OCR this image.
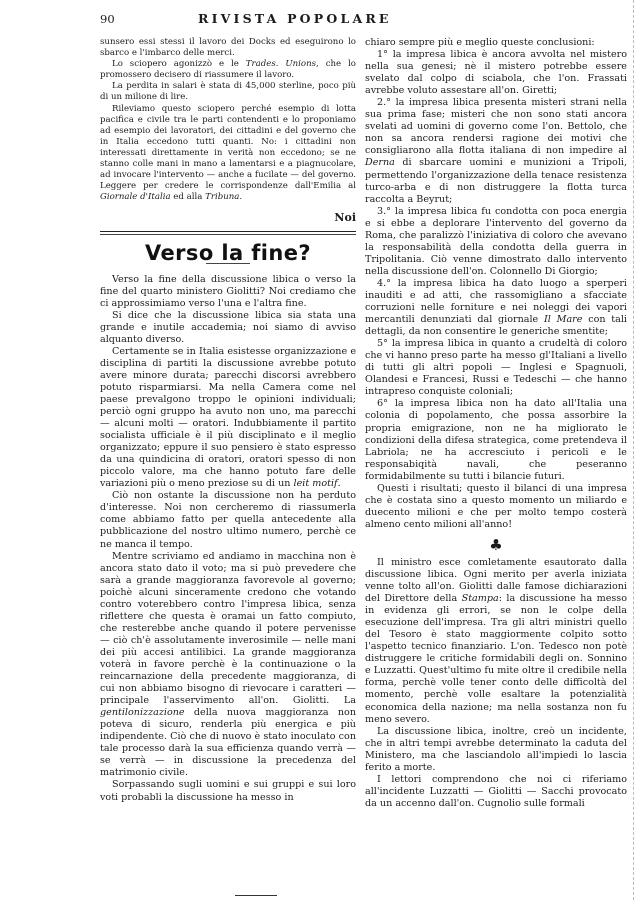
90	RIVISTA POPOLARE

sunsero essi stessi il lavoro dei Docks ed eseguirono lo sbarco e l'imbarco delle merci.

Lo sciopero agonizzò e le Trades. Unions, che lo promossero decisero di riassumere il lavoro.

La perdita in salari è stata di 45,000 sterline, poco più di un milione di lire.

Rileviamo questo sciopero perché esempio di lotta pacifica e civile tra le parti contendenti e lo proponiamo ad esempio dei lavoratori, dei cittadini e del governo che in Italia eccedono tutti quanti. No: i cittadini non interessati direttamente in verità non eccedono; se ne stanno colle mani in mano a lamentarsi e a piagnucolare, ad invocare l'intervento — anche a fucilate — del governo. Leggere per credere le corrispondenze dall'Emilia al Giornale d'Italia ed alla Tribuna.

Noi
Verso la fine?

Verso la fine della discussione libica o verso la fine del quarto ministero Giolitti? Noi crediamo che ci approssimiamo verso l'una e l'altra fine.

Si dice che la discussione libica sia stata una grande e inutile accademia; noi siamo di avviso alquanto diverso.

Certamente se in Italia esistesse organizzazione e disciplina di partiti la discussione avrebbe potuto avere minore durata; parecchi discorsi avrebbero potuto risparmiarsi. Ma nella Camera come nel paese prevalgono troppo le opinioni individuali; perciò ogni gruppo ha avuto non uno, ma parecchi — alcuni molti — oratori. Indubbiamente il partito socialista ufficiale è il più disciplinato e il meglio organizzato; eppure il suo pensiero è stato espresso da una quindicina di oratori, oratori spesso di non piccolo valore, ma che hanno potuto fare delle variazioni più o meno preziose su di un leit motif.

Ciò non ostante la discussione non ha perduto d'interesse. Noi non cercheremo di riassumerla come abbiamo fatto per quella antecedente alla pubblicazione del nostro ultimo numero, perchè ce ne manca il tempo.

Mentre scriviamo ed andiamo in macchina non è ancora stato dato il voto; ma si può prevedere che sarà a grande maggioranza favorevole al governo; poichè alcuni sinceramente credono che votando contro voterebbero contro l'impresa libica, senza riflettere che questa è oramai un fatto compiuto, che resterebbe anche quando il potere pervenisse — ciò ch'è assolutamente inverosimile — nelle mani dei più accesi antilibici. La grande maggioranza voterà in favore perchè è la continuazione o la reincarnazione della precedente maggioranza, di cui non abbiamo bisogno di rievocare i caratteri — principale l'asservimento all'on. Giolitti. La gentilonizzazione della nuova maggioranza non poteva di sicuro, renderla più energica e più indipendente. Ciò che di nuovo è stato inoculato con tale processo darà la sua efficienza quando verrà — se verrà — in discussione la precedenza del matrimonio civile.

Sorpassando sugli uomini e sui gruppi e sui loro voti probabli la discussione ha messo in

chiaro sempre più e meglio queste conclusioni:

1° la impresa libica è ancora avvolta nel mistero nella sua genesi; nè il mistero potrebbe essere svelato dal colpo di sciabola, che l'on. Frassati avrebbe voluto assestare all'on. Giretti;

2.° la impresa libica presenta misteri strani nella sua prima fase; misteri che non sono stati ancora svelati ad uomini di governo come l'on. Bettolo, che non sa ancora rendersi ragione dei motivi che consigliarono alla flotta italiana di non impedire al Derna di sbarcare uomini e munizioni a Tripoli, permettendo l'organizzazione della tenace resistenza turco-arba e di non distruggere la flotta turca raccolta a Beyrut;

3.° la impresa libica fu condotta con poca energia e si ebbe a deplorare l'intervento del governo da Roma, che paralizzò l'iniziativa di coloro che avevano la responsabilità della condotta della guerra in Tripolitania. Ciò venne dimostrato dallo intervento nella discussione dell'on. Colonnello Di Giorgio;

4.° la impresa libica ha dato luogo a sperperi inauditi e ad atti, che rassomigliano a sfacciate corruzioni nelle forniture e nei noleggi dei vapori mercantili denunziati dal giornale Il Mare con tali dettagli, da non consentire le generiche smentite;

5° la impresa libica in quanto a crudeltà di coloro che vi hanno preso parte ha messo gl'Italiani a livello di tutti gli altri popoli — Inglesi e Spagnuoli, Olandesi e Francesi, Russi e Tedeschi — che hanno intrapreso conquiste coloniali;

6° la impresa libica non ha dato all'Italia una colonia di popolamento, che possa assorbire la propria emigrazione, non ne ha migliorato le condizioni della difesa strategica, come pretendeva il Labriola; ne ha accresciuto i pericoli e le responsabiqità navali, che peseranno formidabilmente su tutti i bilancie futuri.

Questi i risultati; questo il bilanci di una impresa che è costata sino a questo momento un miliardo e duecento milioni e che per molto tempo costerà almeno cento milioni all'anno!

♣

Il ministro esce comletamente esautorato dalla discussione libica. Ogni merito per averla iniziata venne tolto all'on. Giolitti dalle famose dichiarazioni del Direttore della Stampa: la discussione ha messo in evidenza gli errori, se non le colpe della esecuzione dell'impresa. Tra gli altri ministri quello del Tesoro è stato maggiormente colpito sotto l'aspetto tecnico finanziario. L'on. Tedesco non potè distruggere le critiche formidabili degli on. Sonnino e Luzzatti. Quest'ultimo fu mite oltre il credibile nella forma, perchè volle tener conto delle difficoltà del momento, perchè volle esaltare la potenzialità economica della nazione; ma nella sostanza non fu meno severo.

La discussione libica, inoltre, creò un incidente, che in altri tempi avrebbe determinato la caduta del Ministero, ma che lasciandolo all'impiedi lo lascia ferito a morte.

I lettori comprendono che noi ci riferiamo all'incidente Luzzatti — Giolitti — Sacchi provocato da un accenno dall'on. Cugnolio sulle formali
